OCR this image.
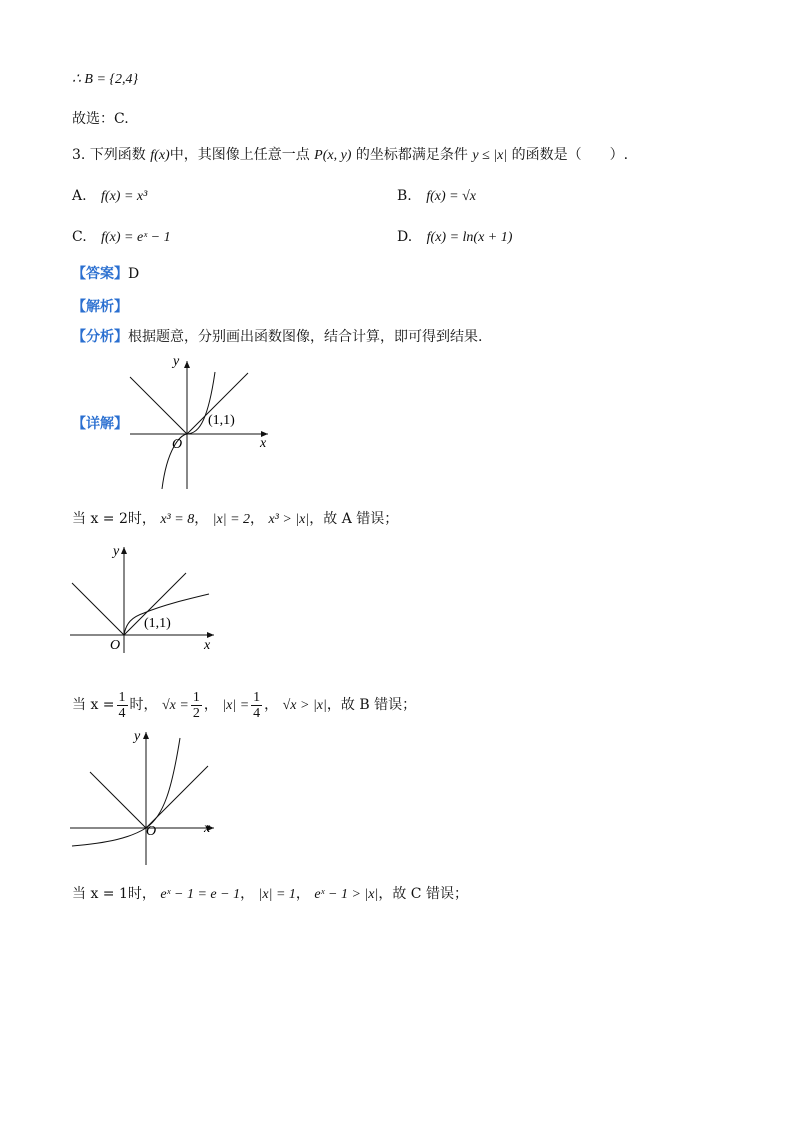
∴ B = {2,4}
故选：C.
3. 下列函数 f(x)中，其图像上任意一点 P(x, y) 的坐标都满足条件 y ≤ |x| 的函数是（　　）.
A. f(x) = x³	B. f(x) = √x
C. f(x) = eˣ − 1	D. f(x) = ln(x + 1)
【答案】D
【解析】
【分析】根据题意，分别画出函数图像，结合计算，即可得到结果.
【详解】
y
x
O
(1,1)
当 x = 2时， x³ = 8， |x| = 2， x³ > |x|，故 A 错误；
y
x
O
(1,1)
当 $x = \frac{1}{4}$ 时， $√x = \frac{1}{2}$ ， $|x| = \frac{1}{4}$ ， √x > |x|，故 B 错误；
y
x
O
当 x = 1时， eˣ − 1 = e − 1， |x| = 1， eˣ − 1 > |x|，故 C 错误；
